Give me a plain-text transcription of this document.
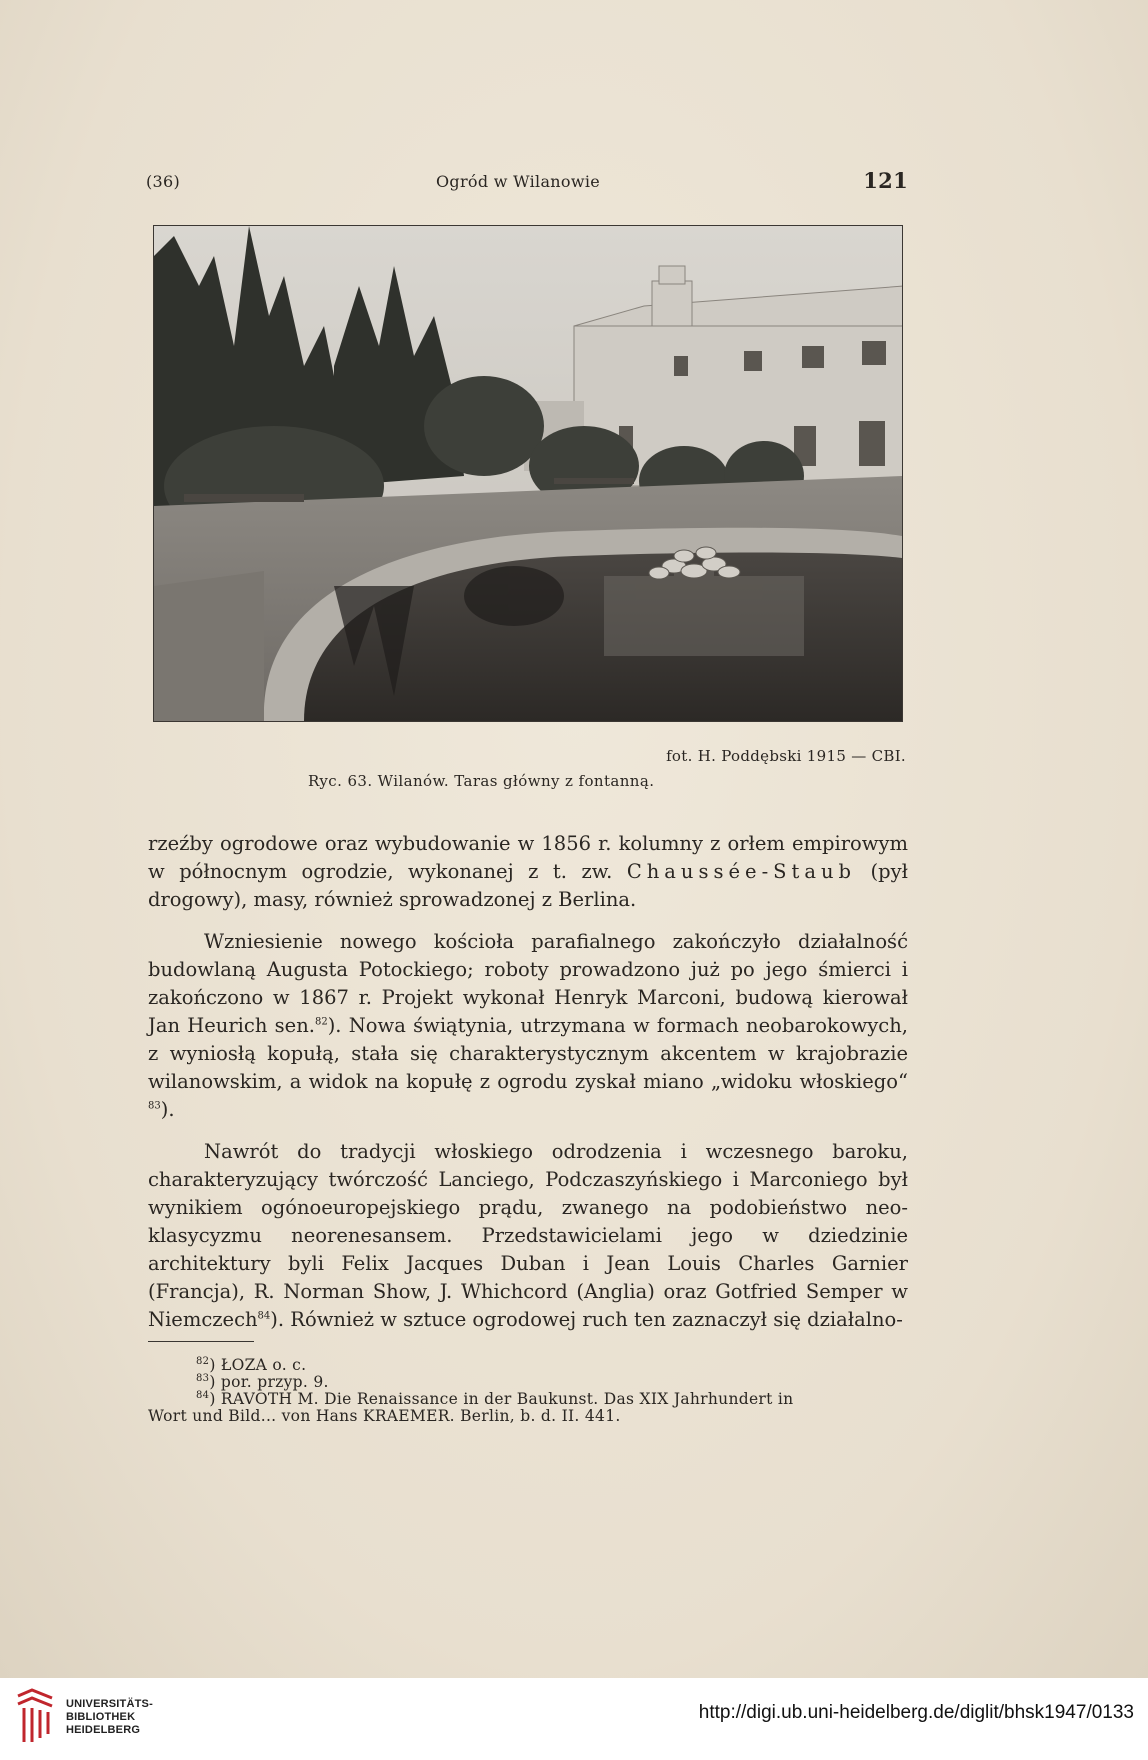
(36)	Ogród w Wilanowie	121
fot. H. Poddębski 1915 — CBI.
Ryc. 63. Wilanów. Taras główny z fontanną.

rzeźby ogrodowe oraz wybudowanie w 1856 r. kolumny z orłem empirowym w północnym ogrodzie, wykonanej z t. zw. Chaussée-Staub (pył drogowy), masy, również sprowadzonej z Berlina.

Wzniesienie nowego kościoła parafialnego zakończyło działalność budowlaną Augusta Potockiego; roboty prowadzono już po jego śmierci i zakończono w 1867 r. Projekt wykonał Henryk Marconi, budową kierował Jan Heurich sen.$^{82}$). Nowa świątynia, utrzymana w formach neobarokowych, z wyniosłą kopułą, stała się charakterystycznym akcentem w krajobrazie wilanowskim, a widok na kopułę z ogrodu zyskał miano „widoku włoskiego“ $^{83}$).

Nawrót do tradycji włoskiego odrodzenia i wczesnego baroku, charakteryzujący twórczość Lanciego, Podczaszyńskiego i Marconiego był wynikiem ogónoeuropejskiego prądu, zwanego na podobieństwo neo-klasycyzmu neorenesansem. Przedstawicielami jego w dziedzinie architektury byli Felix Jacques Duban i Jean Louis Charles Garnier (Francja), R. Norman Show, J. Whichcord (Anglia) oraz Gotfried Semper w Niemczech$^{84}$). Również w sztuce ogrodowej ruch ten zaznaczył się działalno-

$^{82}$) ŁOZA o. c.

$^{83}$) por. przyp. 9.

$^{84}$) RAVOTH M. Die Renaissance in der Baukunst. Das XIX Jahrhundert in

Wort und Bild... von Hans KRAEMER. Berlin, b. d. II. 441.

UNIVERSITÄTS-
BIBLIOTHEK
HEIDELBERG
http://digi.ub.uni-heidelberg.de/diglit/bhsk1947/0133
